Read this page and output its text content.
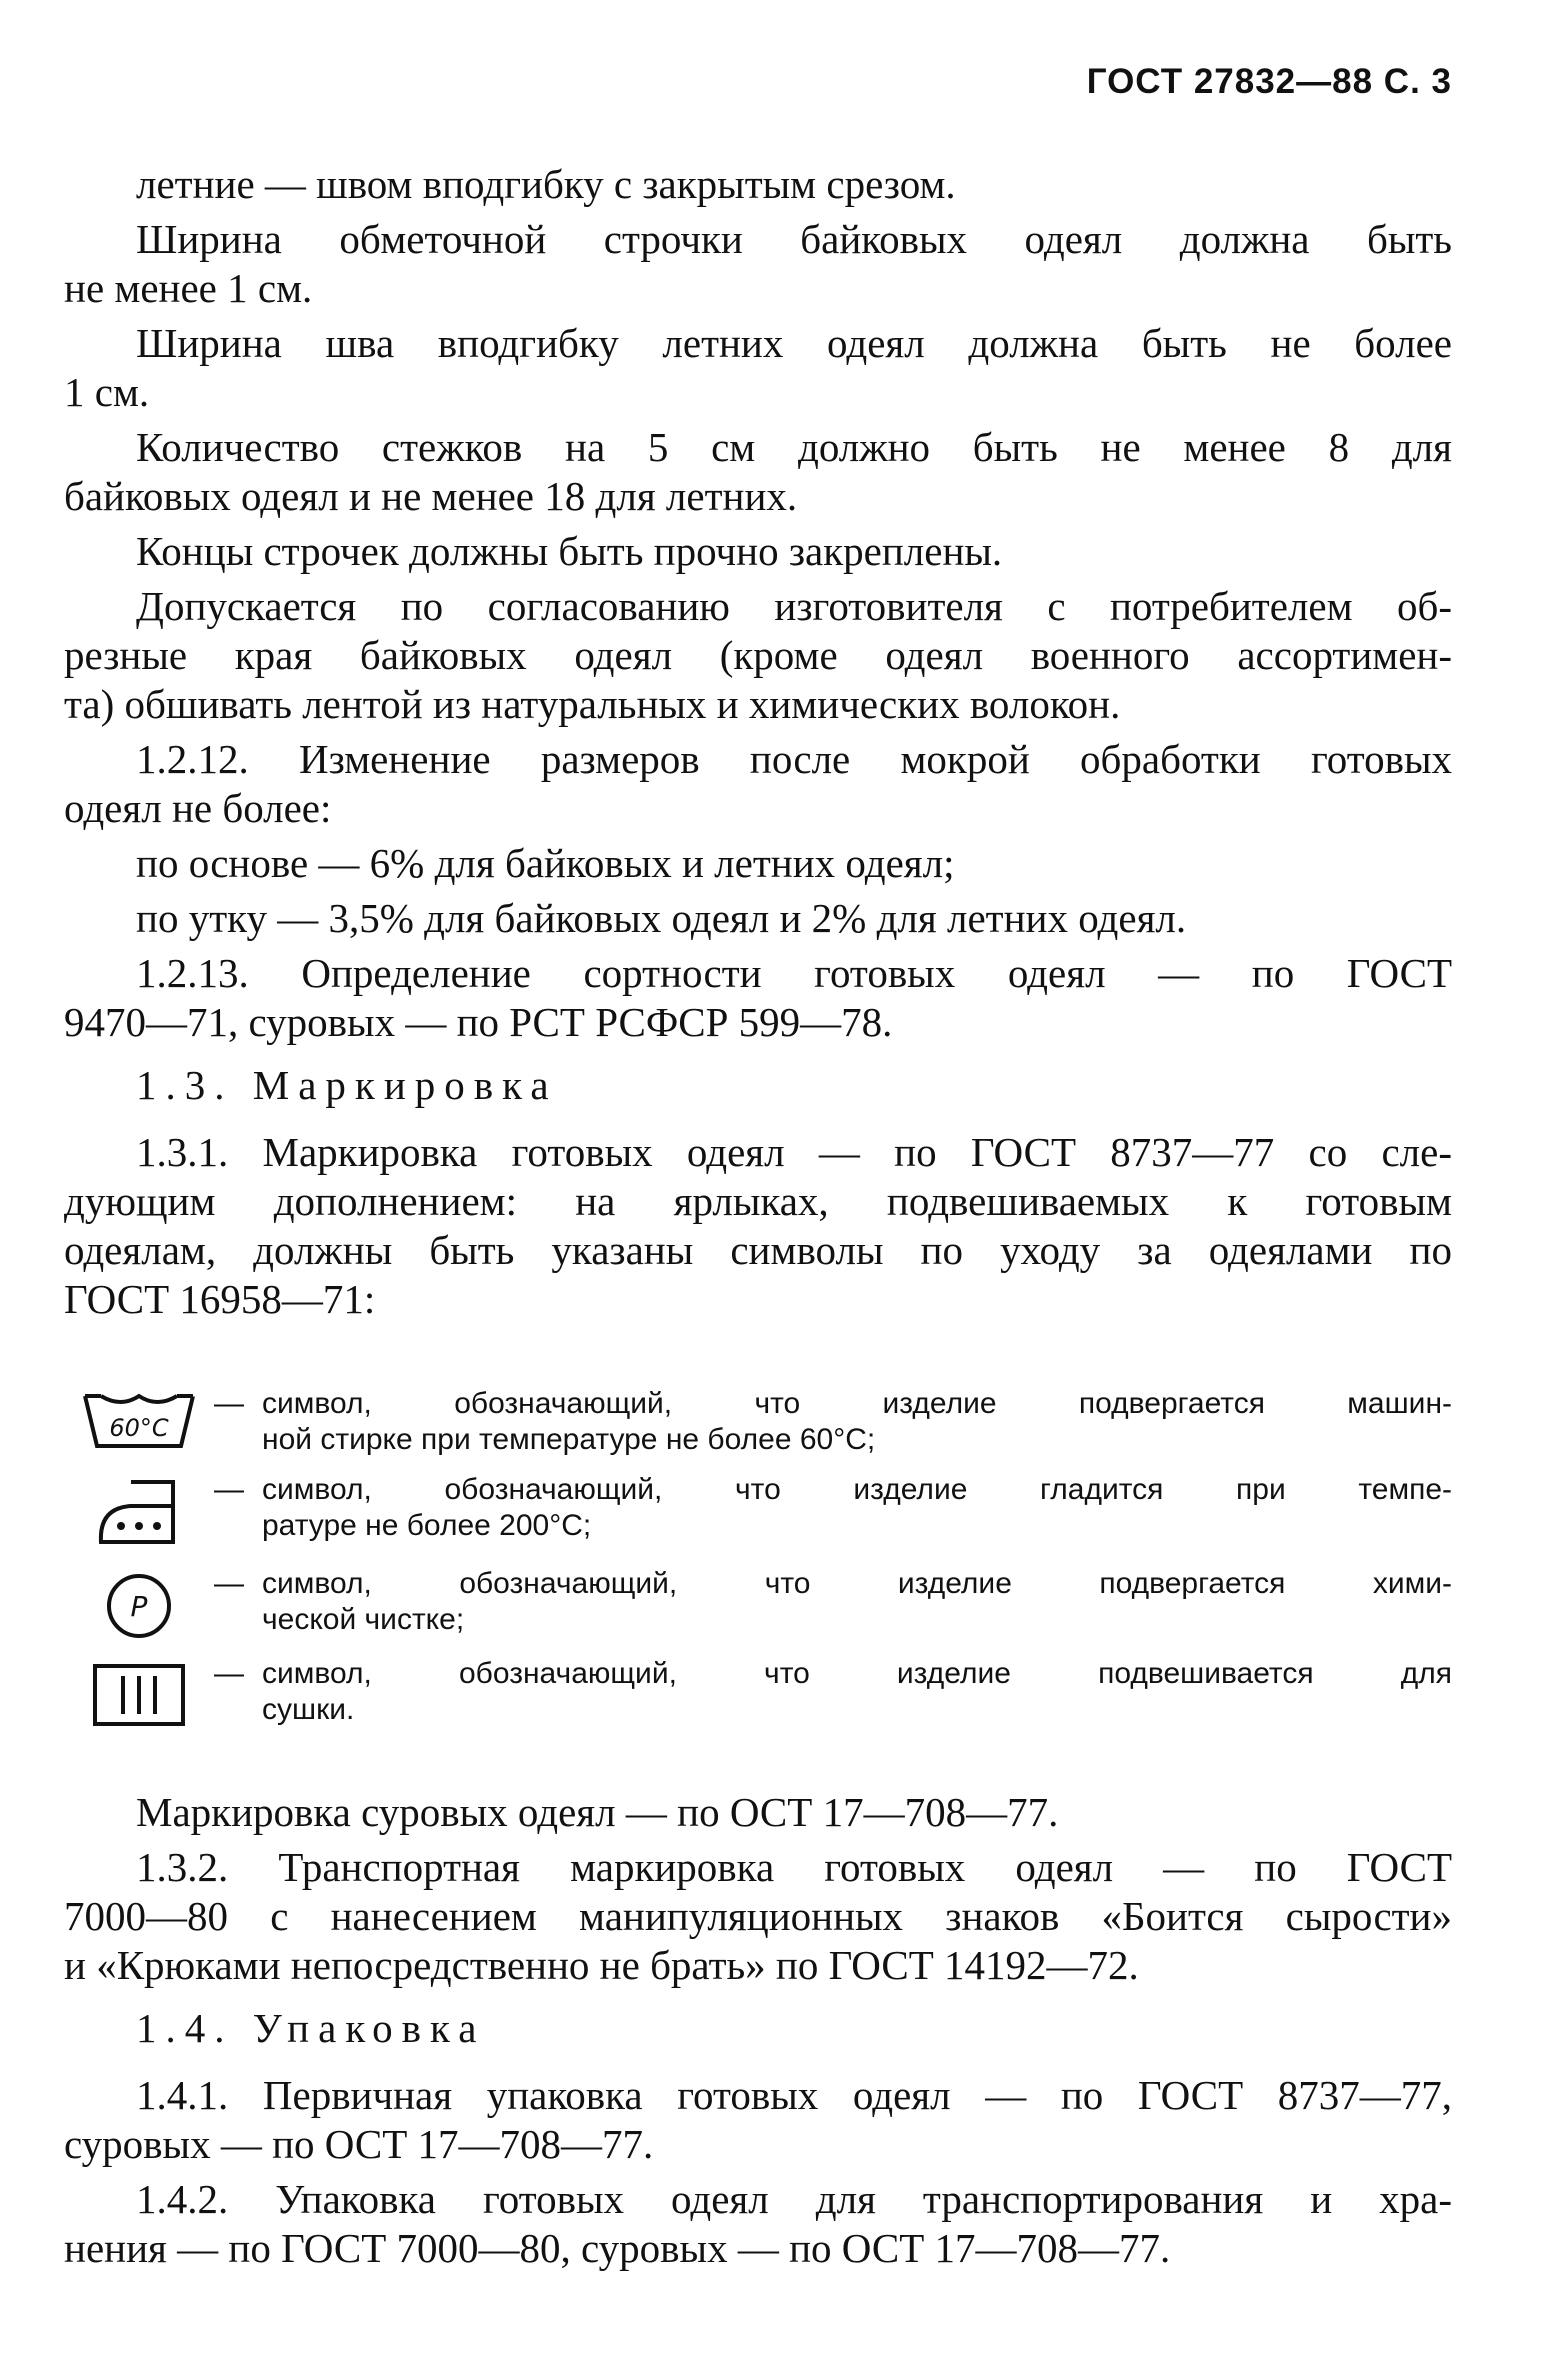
ГОСТ 27832—88 С. 3
летние — швом вподгибку с закрытым срезом.
Ширина обметочной строчки байковых одеял должна быть
не менее 1 см.
Ширина шва вподгибку летних одеял должна быть не более
1 см.
Количество стежков на 5 см должно быть не менее 8 для
байковых одеял и не менее 18 для летних.
Концы строчек должны быть прочно закреплены.
Допускается по согласованию изготовителя с потребителем об-
резные края байковых одеял (кроме одеял военного ассортимен-
та) обшивать лентой из натуральных и химических волокон.
1.2.12. Изменение размеров после мокрой обработки готовых
одеял не более:
по основе — 6% для байковых и летних одеял;
по утку — 3,5% для байковых одеял и 2% для летних одеял.
1.2.13. Определение сортности готовых одеял — по ГОСТ
9470—71, суровых — по РСТ РСФСР 599—78.
1.3. Маркировка
1.3.1. Маркировка готовых одеял — по ГОСТ 8737—77 со сле-
дующим дополнением: на ярлыках, подвешиваемых к готовым
одеялам, должны быть указаны символы по уходу за одеялами по
ГОСТ 16958—71:
60°C
— символ, обозначающий, что изделие подвергается машин-
ной стирке при температуре не более 60°С;
— символ, обозначающий, что изделие гладится при темпе-
ратуре не более 200°С;
P
— символ, обозначающий, что изделие подвергается хими-
ческой чистке;
— символ, обозначающий, что изделие подвешивается для
сушки.
Маркировка суровых одеял — по ОСТ 17—708—77.
1.3.2. Транспортная маркировка готовых одеял — по ГОСТ
7000—80 с нанесением манипуляционных знаков «Боится сырости»
и «Крюками непосредственно не брать» по ГОСТ 14192—72.
1.4. Упаковка
1.4.1. Первичная упаковка готовых одеял — по ГОСТ 8737—77,
суровых — по ОСТ 17—708—77.
1.4.2. Упаковка готовых одеял для транспортирования и хра-
нения — по ГОСТ 7000—80, суровых — по ОСТ 17—708—77.
